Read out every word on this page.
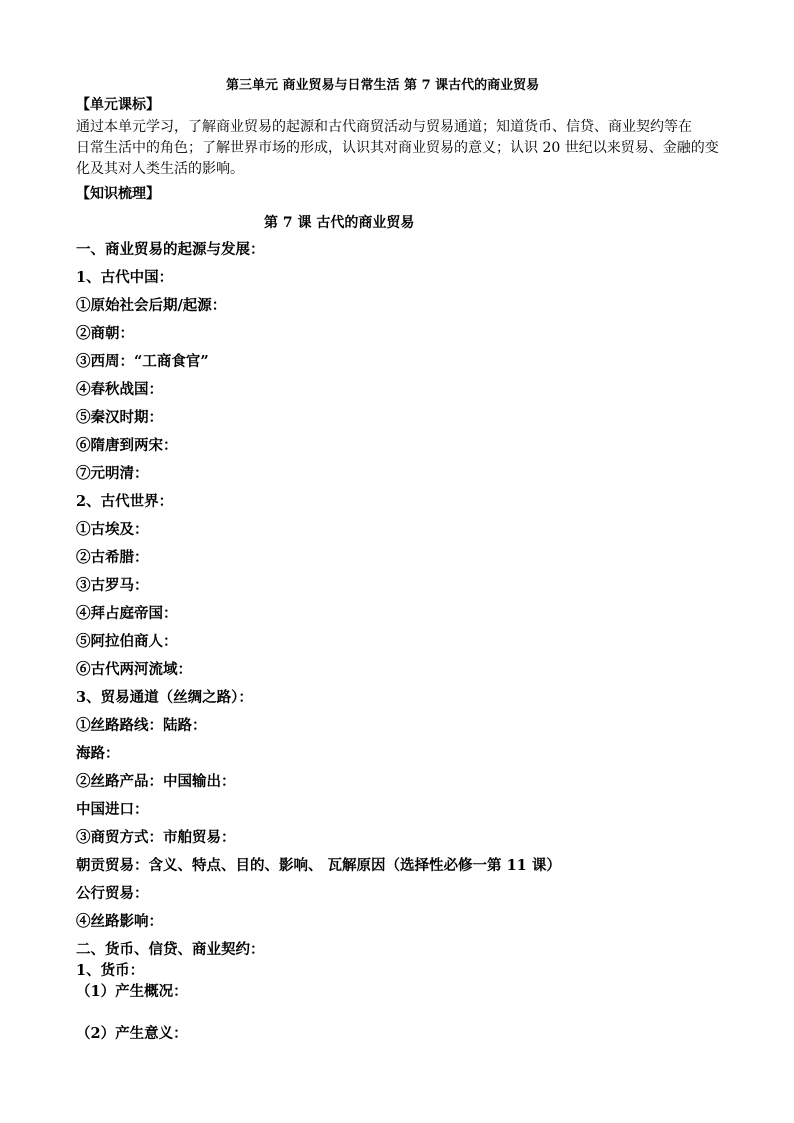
第三单元 商业贸易与日常生活 第 7 课古代的商业贸易
【单元课标】
通过本单元学习，了解商业贸易的起源和古代商贸活动与贸易通道；知道货币、信贷、商业契约等在
日常生活中的角色；了解世界市场的形成，认识其对商业贸易的意义；认识 20 世纪以来贸易、金融的变
化及其对人类生活的影响。
【知识梳理】
第 7 课 古代的商业贸易
一、商业贸易的起源与发展：
1、古代中国：
①原始社会后期/起源：
②商朝：
③西周：“工商食官”
④春秋战国：
⑤秦汉时期：
⑥隋唐到两宋：
⑦元明清：
2、古代世界：
①古埃及：
②古希腊：
③古罗马：
④拜占庭帝国：
⑤阿拉伯商人：
⑥古代两河流域：
3、贸易通道（丝绸之路）：
①丝路路线：陆路：
海路：
②丝路产品：中国输出：
中国进口：
③商贸方式：市舶贸易：
朝贡贸易：含义、特点、目的、影响、 瓦解原因（选择性必修一第 11 课）
公行贸易：
④丝路影响：
二、货币、信贷、商业契约：
1、货币：
（1）产生概况：
（2）产生意义：
